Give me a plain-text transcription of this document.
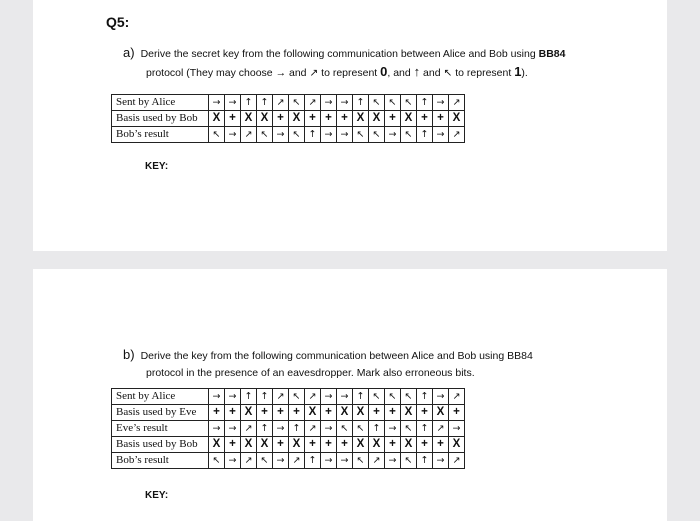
Q5:
a) Derive the secret key from the following communication between Alice and Bob using BB84
protocol (They may choose → and ↗ to represent 0, and ↑ and ↖ to represent 1).
Sent by Alice	→	→	↑	↑	↗	↖	↗	→	→	↑	↖	↖	↖	↑	→	↗
Basis used by Bob	X	+	X	X	+	X	+	+	+	X	X	+	X	+	+	X
Bob’s result	↖	→	↗	↖	→	↖	↑	→	→	↖	↖	→	↖	↑	→	↗
KEY:
b) Derive the key from the following communication between Alice and Bob using BB84
protocol in the presence of an eavesdropper. Mark also erroneous bits.
Sent by Alice	→	→	↑	↑	↗	↖	↗	→	→	↑	↖	↖	↖	↑	→	↗
Basis used by Eve	+	+	X	+	+	+	X	+	X	X	+	+	X	+	X	+
Eve’s result	→	→	↗	↑	→	↑	↗	→	↖	↖	↑	→	↖	↑	↗	→
Basis used by Bob	X	+	X	X	+	X	+	+	+	X	X	+	X	+	+	X
Bob’s result	↖	→	↗	↖	→	↗	↑	→	→	↖	↗	→	↖	↑	→	↗
KEY:
